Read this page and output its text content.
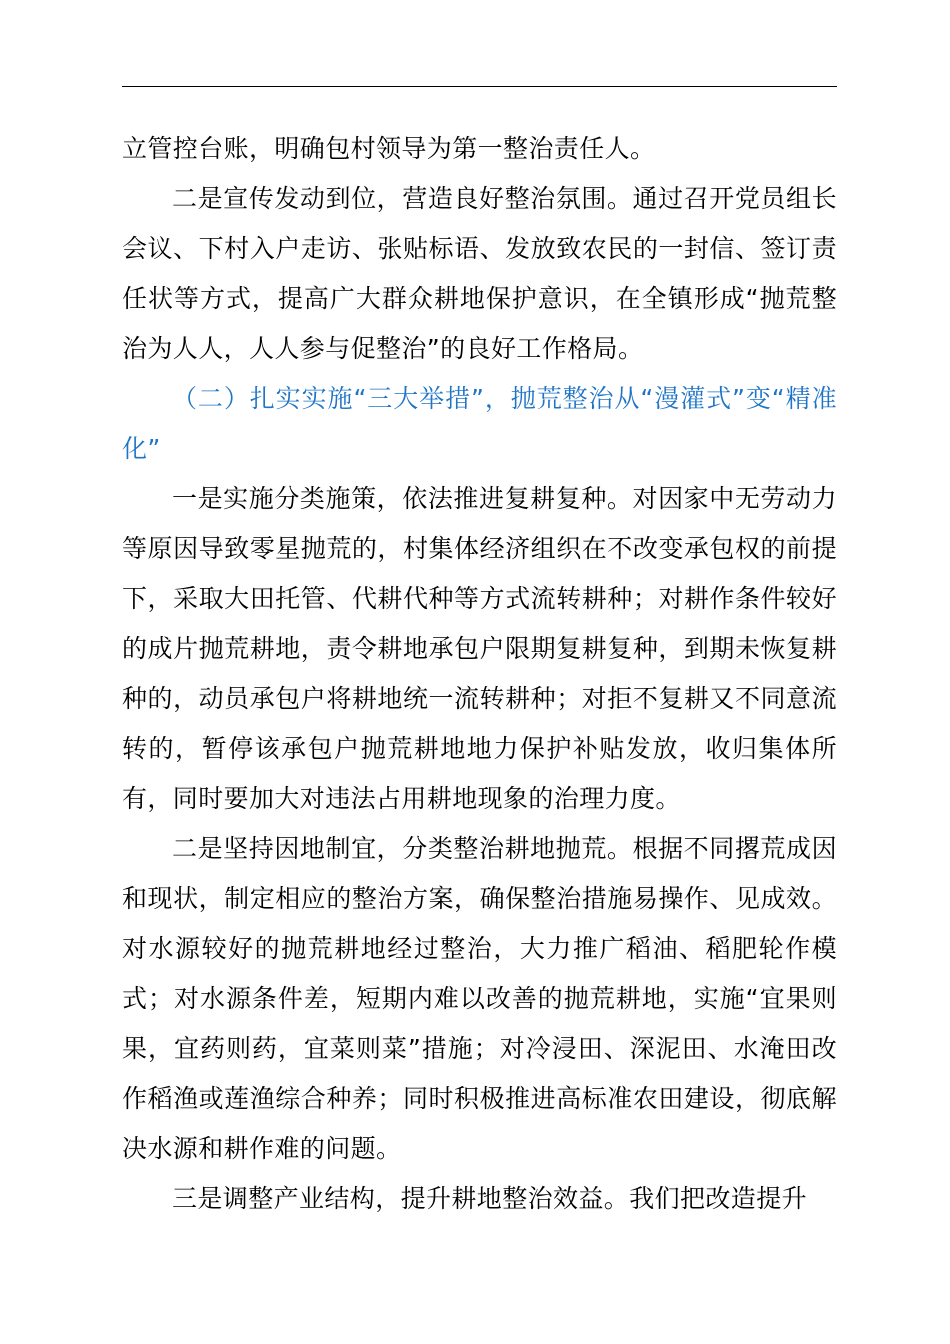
立管控台账，明确包村领导为第一整治责任人。

二是宣传发动到位，营造良好整治氛围。通过召开党员组长会议、下村入户走访、张贴标语、发放致农民的一封信、签订责任状等方式，提高广大群众耕地保护意识，在全镇形成“抛荒整治为人人，人人参与促整治”的良好工作格局。

（二）扎实实施“三大举措”，抛荒整治从“漫灌式”变“精准化”

一是实施分类施策，依法推进复耕复种。对因家中无劳动力等原因导致零星抛荒的，村集体经济组织在不改变承包权的前提下，采取大田托管、代耕代种等方式流转耕种；对耕作条件较好的成片抛荒耕地，责令耕地承包户限期复耕复种，到期未恢复耕种的，动员承包户将耕地统一流转耕种；对拒不复耕又不同意流转的，暂停该承包户抛荒耕地地力保护补贴发放，收归集体所有，同时要加大对违法占用耕地现象的治理力度。

二是坚持因地制宜，分类整治耕地抛荒。根据不同撂荒成因和现状，制定相应的整治方案，确保整治措施易操作、见成效。对水源较好的抛荒耕地经过整治，大力推广稻油、稻肥轮作模式；对水源条件差，短期内难以改善的抛荒耕地，实施“宜果则果，宜药则药，宜菜则菜”措施；对冷浸田、深泥田、水淹田改作稻渔或莲渔综合种养；同时积极推进高标准农田建设，彻底解决水源和耕作难的问题。

三是调整产业结构，提升耕地整治效益。我们把改造提升
